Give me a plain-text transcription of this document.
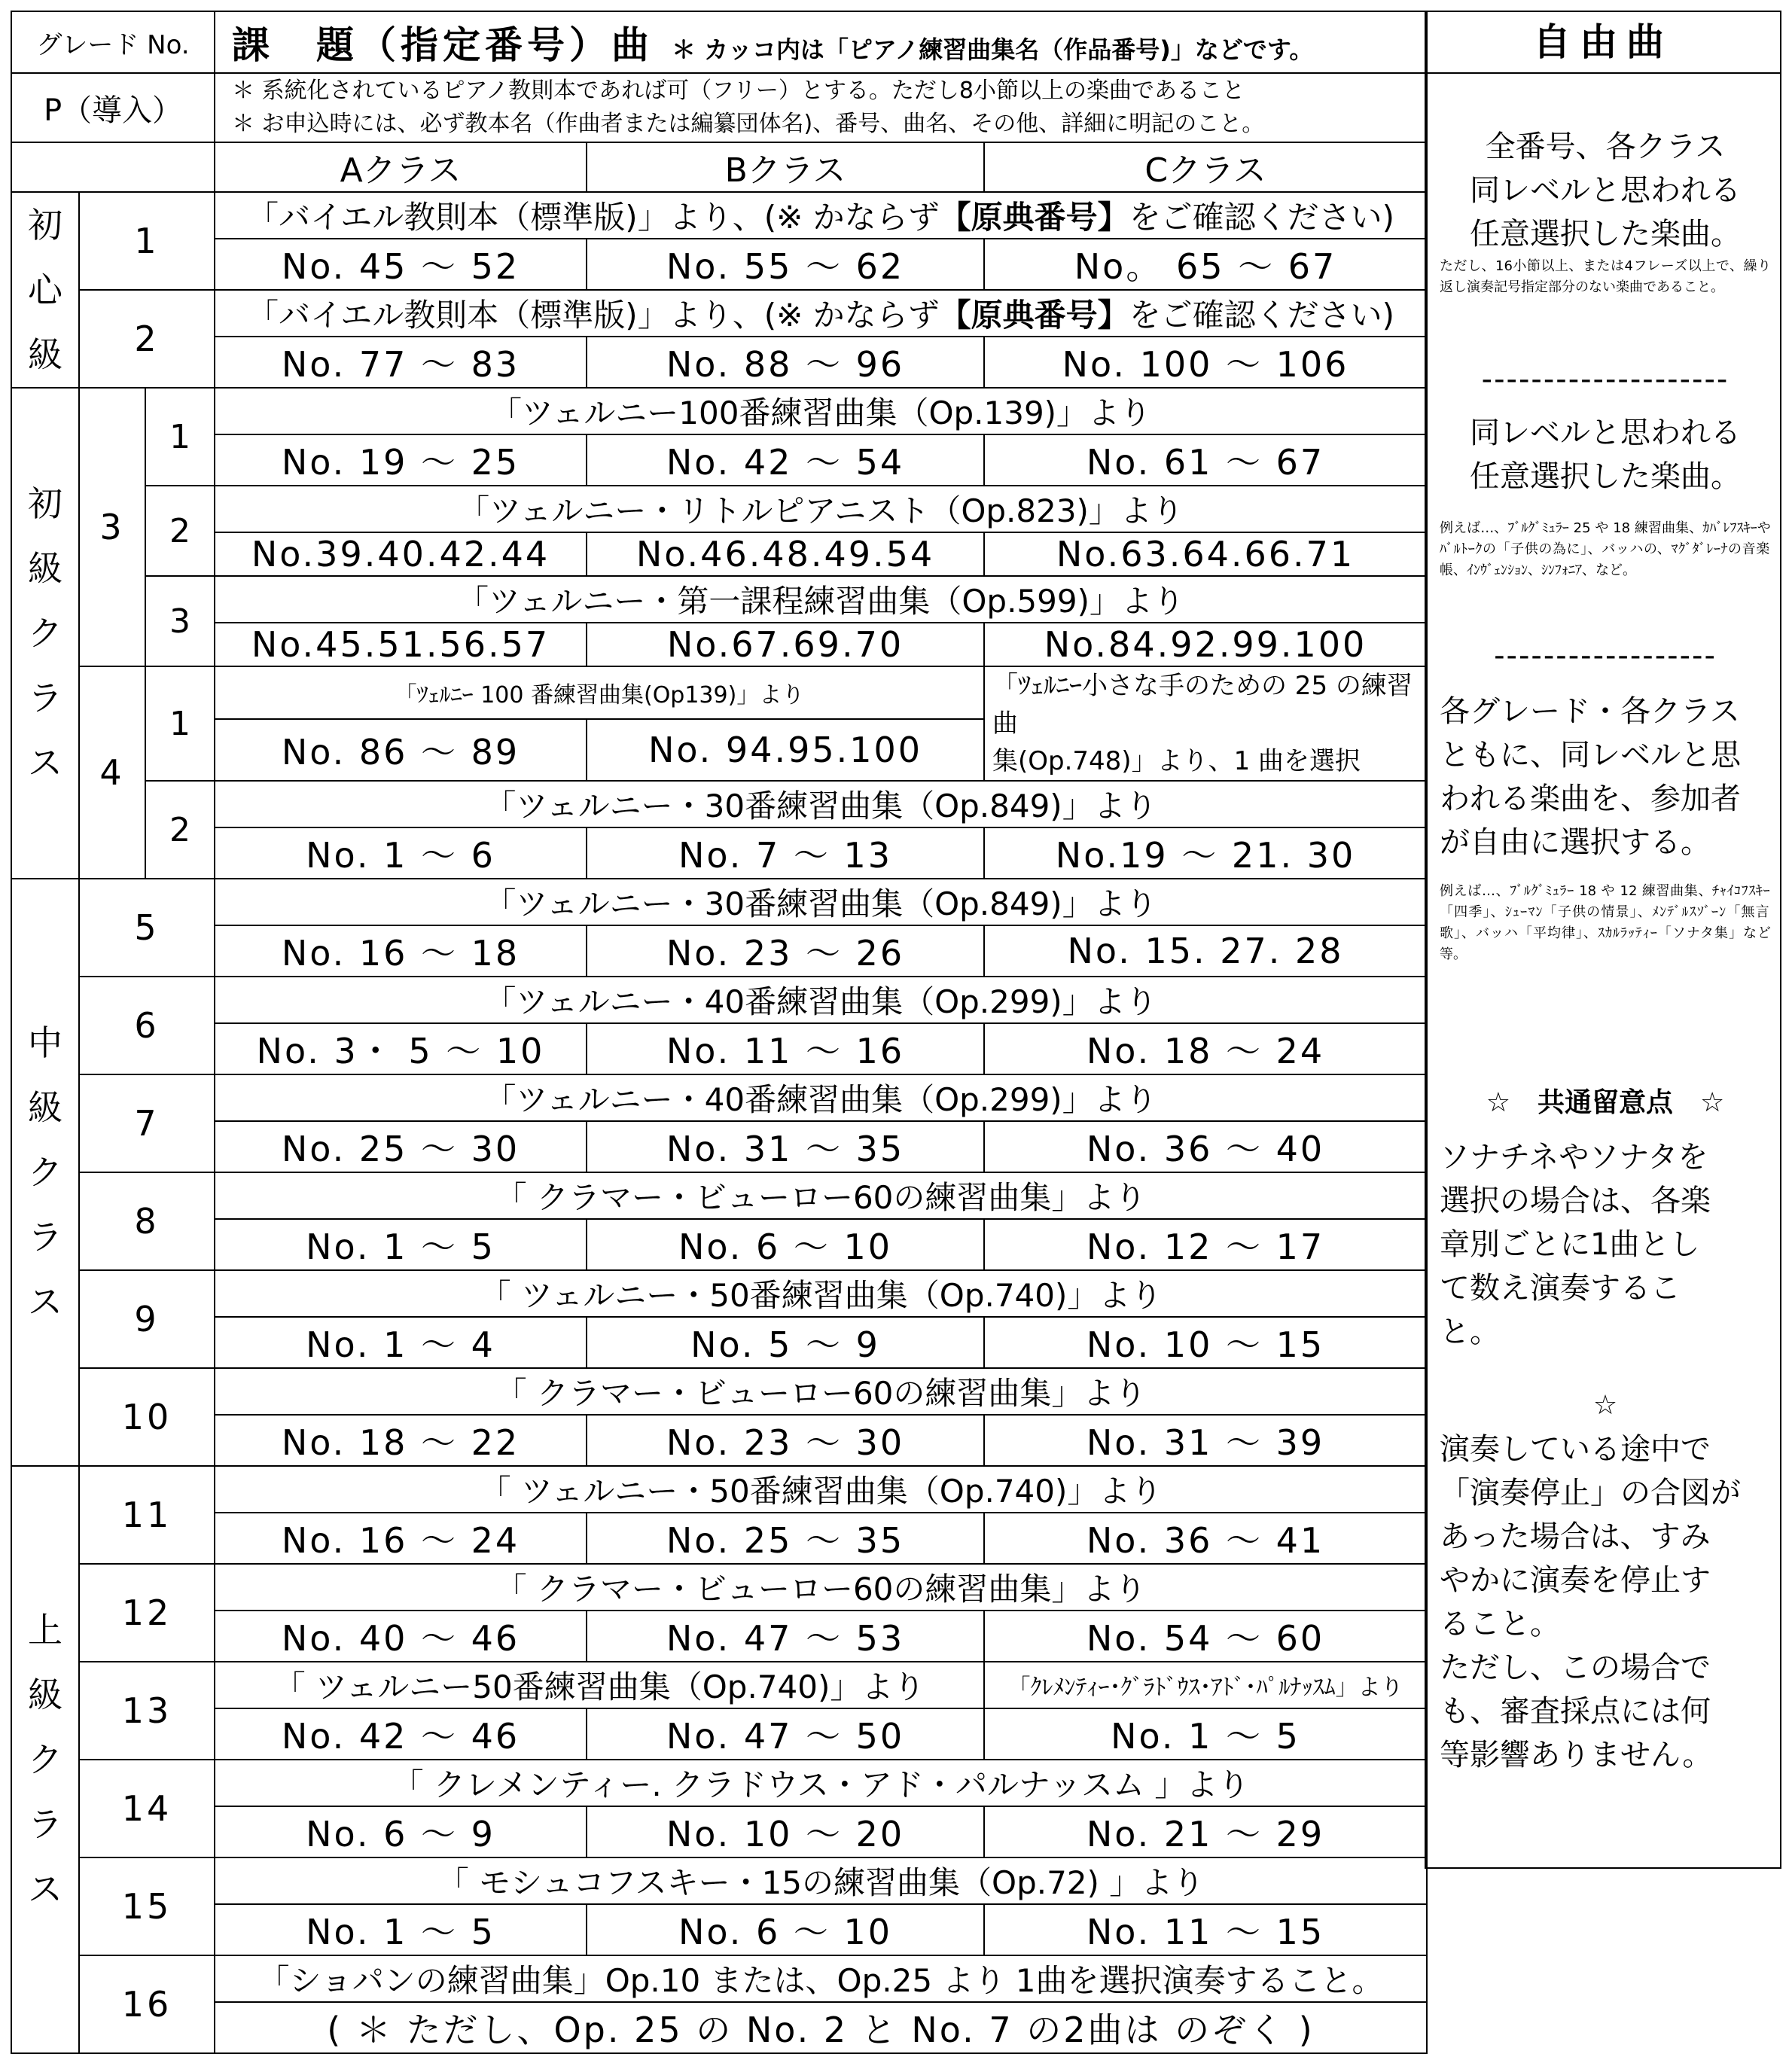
グレード No.			課　題（指定番号）曲 ＊ カッコ内は「ピアノ練習曲集名（作品番号)」などです。		
P（導入）			＊ 系統化されているピアノ教則本であれば可（フリー）とする。ただし8小節以上の楽曲であること
＊ お申込時には、必ず教本名（作曲者または編纂団体名)、番号、曲名、その他、詳細に明記のこと。		

			Aクラス	Bクラス	Cクラス

初
心
級	1		「バイエル教則本（標準版)」より、(※ かならず【原典番号】をご確認ください)		
			No. 45 ～ 52	No. 55 ～ 62	No。 65 ～ 67
	2		「バイエル教則本（標準版)」より、(※ かならず【原典番号】をご確認ください)		
			No. 77 ～ 83	No. 88 ～ 96	No. 100 ～ 106

初
級
ク
ラ
ス	3	1	「ツェルニー100番練習曲集（Op.139)」より		
			No. 19 ～ 25	No. 42 ～ 54	No. 61 ～ 67
		2	「ツェルニー・リトルピアニスト（Op.823)」より		
			No.39.40.42.44	No.46.48.49.54	No.63.64.66.71
		3	「ツェルニー・第一課程練習曲集（Op.599)」より		
			No.45.51.56.57	No.67.69.70	No.84.92.99.100
	4	1	「ﾂｪﾙﾆｰ 100 番練習曲集(Op139)」より		「ﾂｪﾙﾆｰ小さな手のための 25 の練習曲
集(Op.748)」より、1 曲を選択

			No. 86 ～ 89	No. 94.95.100	
		2	「ツェルニー・30番練習曲集（Op.849)」より		
			No. 1 ～ 6	No. 7 ～ 13	No.19 ～ 21. 30

中
級
ク
ラ
ス	5		「ツェルニー・30番練習曲集（Op.849)」より		
			No. 16 ～ 18	No. 23 ～ 26	No. 15. 27. 28
	6		「ツェルニー・40番練習曲集（Op.299)」より		
			No. 3・ 5 ～ 10	No. 11 ～ 16	No. 18 ～ 24
	7		「ツェルニー・40番練習曲集（Op.299)」より		
			No. 25 ～ 30	No. 31 ～ 35	No. 36 ～ 40
	8		「 クラマー・ビューロー60の練習曲集」より		
			No. 1 ～ 5	No. 6 ～ 10	No. 12 ～ 17
	9		「 ツェルニー・50番練習曲集（Op.740)」より		
			No. 1 ～ 4	No. 5 ～ 9	No. 10 ～ 15
	10		「 クラマー・ビューロー60の練習曲集」より		
			No. 18 ～ 22	No. 23 ～ 30	No. 31 ～ 39

上
級
ク
ラ
ス	11		「 ツェルニー・50番練習曲集（Op.740)」より		
			No. 16 ～ 24	No. 25 ～ 35	No. 36 ～ 41
	12		「 クラマー・ビューロー60の練習曲集」より		
			No. 40 ～ 46	No. 47 ～ 53	No. 54 ～ 60
	13		「 ツェルニー50番練習曲集（Op.740)」より		「ｸﾚﾒﾝﾃｨｰ･ｸﾞﾗﾄﾞｳｽ･ｱﾄﾞ･ﾊﾟﾙﾅｯｽﾑ」より
			No. 42 ～ 46	No. 47 ～ 50	No. 1 ～ 5
	14		「 クレメンティー. クラドウス・アド・パルナッスム 」より		
			No. 6 ～ 9	No. 10 ～ 20	No. 21 ～ 29
	15		「 モシュコフスキー・15の練習曲集（Op.72) 」より		
			No. 1 ～ 5	No. 6 ～ 10	No. 11 ～ 15
	16		「ショパンの練習曲集」Op.10 または、Op.25 より 1曲を選択演奏すること。		
			( ＊ ただし、Op. 25 の No. 2 と No. 7 の2曲は のぞく )		
自由曲
全番号、各クラス
同レベルと思われる
任意選択した楽曲。
ただし、16小節以上、または4フレーズ以上で、繰り返し演奏記号指定部分のない楽曲であること。
--------------------
同レベルと思われる
任意選択した楽曲。
例えば…、ﾌﾞﾙｸﾞﾐｭﾗｰ 25 や 18 練習曲集、ｶﾊﾞﾚﾌｽｷｰや ﾊﾞﾙﾄｰｸの「子供の為に」、バッハの、ﾏｸﾞﾀﾞﾚｰﾅの音楽帳、ｲﾝｳﾞｪﾝｼｮﾝ、ｼﾝﾌｫﾆｱ、など。
------------------
各グレード・各クラス
ともに、同レベルと思
われる楽曲を、参加者
が自由に選択する。
例えば…、ﾌﾞﾙｸﾞﾐｭﾗｰ 18 や 12 練習曲集、ﾁｬｲｺﾌｽｷｰ「四季」、ｼｭｰﾏﾝ「子供の情景」、ﾒﾝﾃﾞﾙｽｿﾞｰﾝ「無言歌」、バッハ「平均律」、ｽｶﾙﾗｯﾃｨｰ「ソナタ集」など等。
☆　共通留意点　☆
ソナチネやソナタを
選択の場合は、各楽
章別ごとに1曲とし
て数え演奏するこ
と。
☆
演奏している途中で
「演奏停止」の合図が
あった場合は、すみ
やかに演奏を停止す
ること。
ただし、この場合で
も、審査採点には何
等影響ありません。
